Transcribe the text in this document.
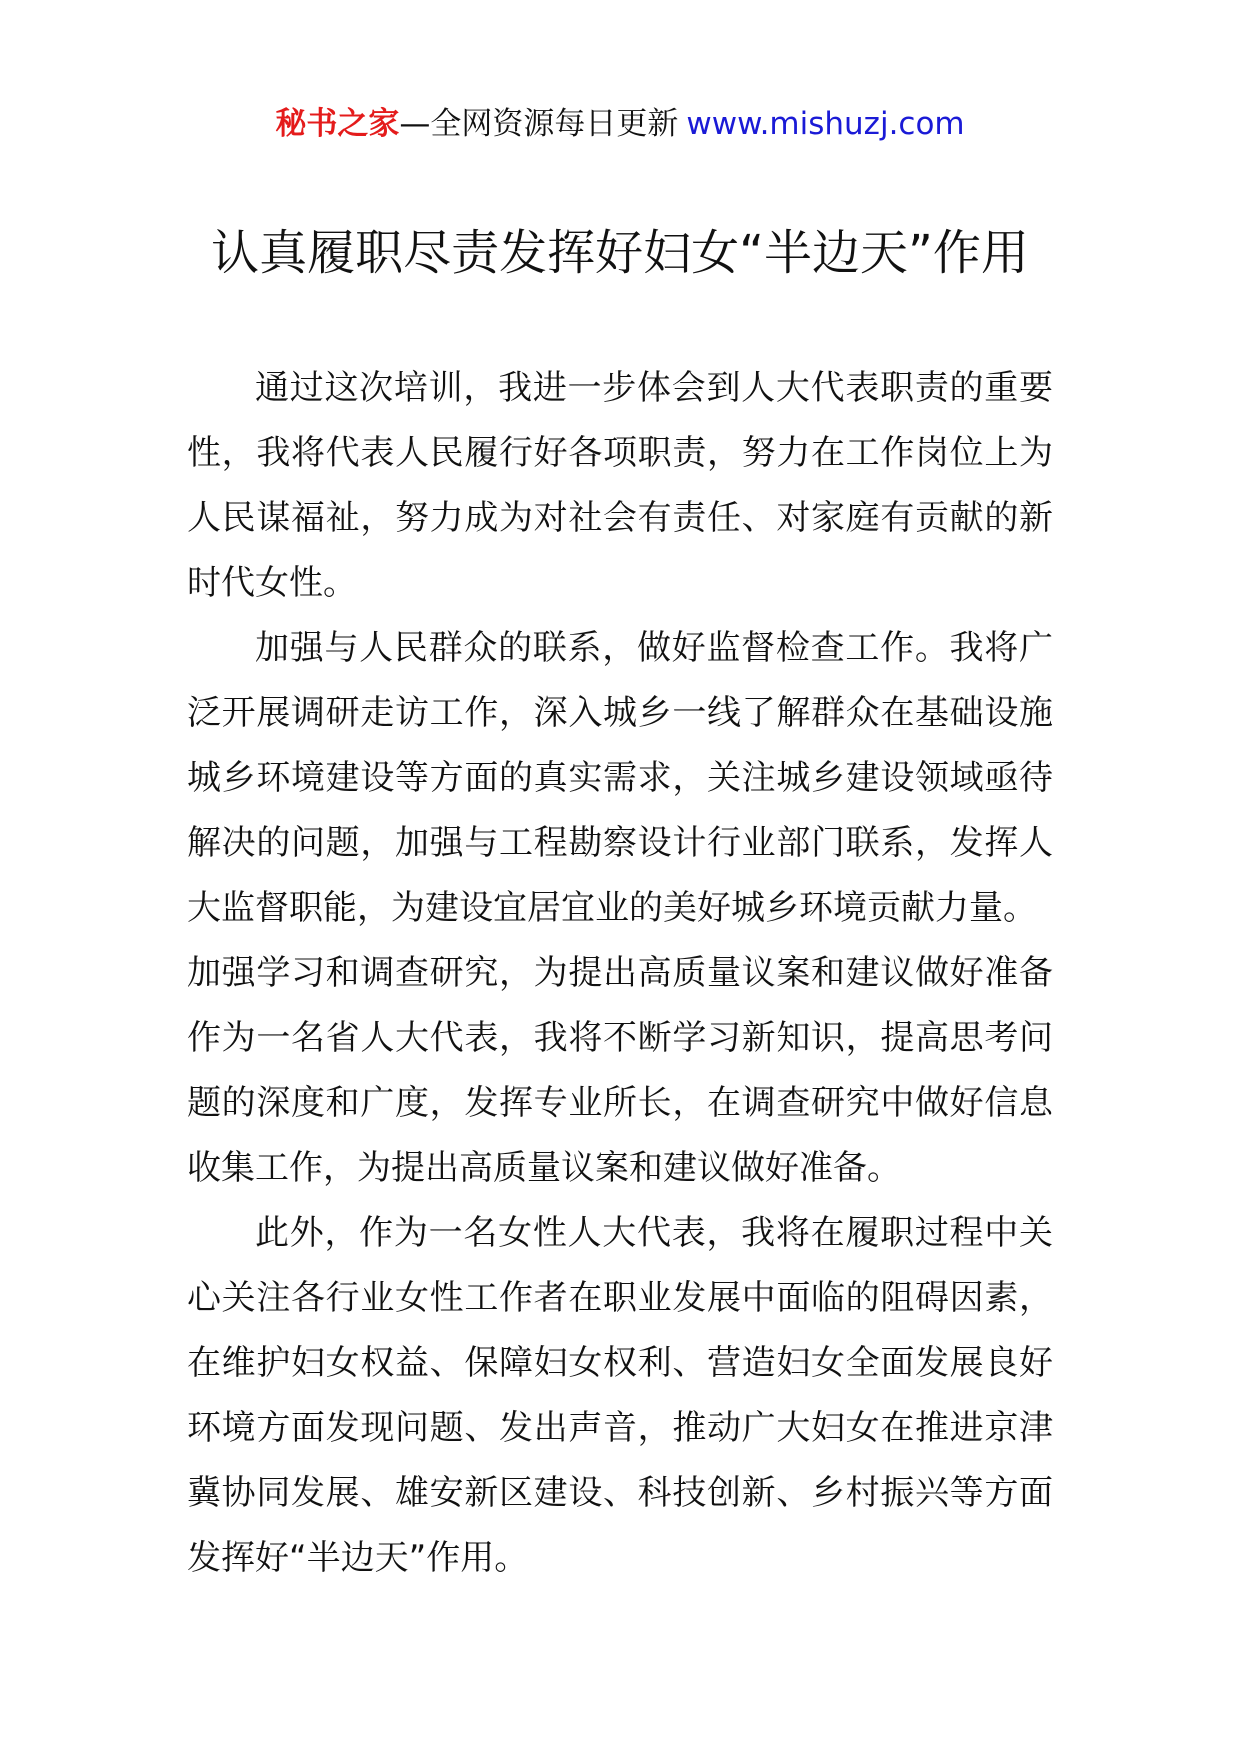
秘书之家—全网资源每日更新 www.mishuzj.com
认真履职尽责发挥好妇女“半边天”作用

通过这次培训，我进一步体会到人大代表职责的重要性，我将代表人民履行好各项职责，努力在工作岗位上为人民谋福祉，努力成为对社会有责任、对家庭有贡献的新时代女性。

加强与人民群众的联系，做好监督检查工作。我将广泛开展调研走访工作，深入城乡一线了解群众在基础设施城乡环境建设等方面的真实需求，关注城乡建设领域亟待解决的问题，加强与工程勘察设计行业部门联系，发挥人大监督职能，为建设宜居宜业的美好城乡环境贡献力量。

加强学习和调查研究，为提出高质量议案和建议做好准备作为一名省人大代表，我将不断学习新知识，提高思考问题的深度和广度，发挥专业所长，在调查研究中做好信息收集工作，为提出高质量议案和建议做好准备。

此外，作为一名女性人大代表，我将在履职过程中关心关注各行业女性工作者在职业发展中面临的阻碍因素，在维护妇女权益、保障妇女权利、营造妇女全面发展良好环境方面发现问题、发出声音，推动广大妇女在推进京津冀协同发展、雄安新区建设、科技创新、乡村振兴等方面发挥好“半边天”作用。
